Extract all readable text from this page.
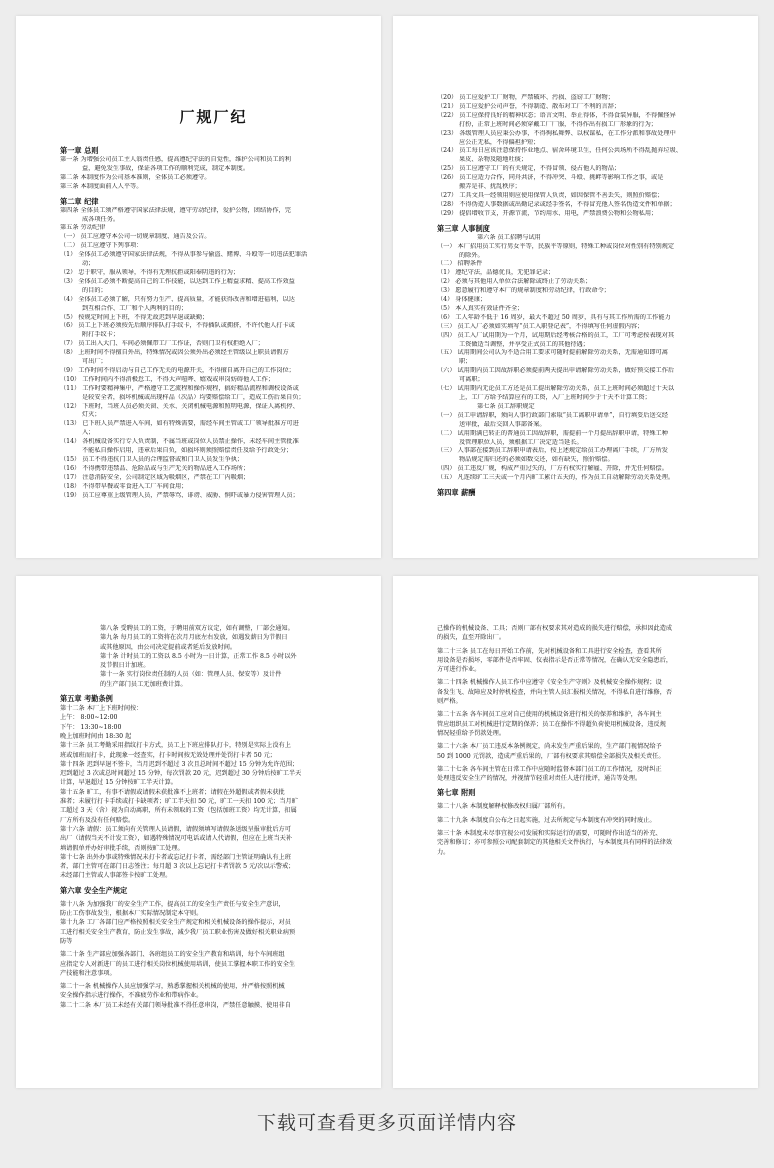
厂规厂纪
第一章 总则
第一条 为增强公司员工主人翁责任感，提高遵纪守法的自觉性，维护公司和员工的利
益，避免发生事故，保证各项工作的顺利完成，制定本制度。
第二条 本制度作为公司基本准则，全体员工必须遵守。
第三条 本制度面前人人平等。
第二章 纪律
第四条 全体员工须严格遵守国家法律法规，遵守劳动纪律，爱护公物，团结协作，完
成各项任务。
第五条 劳动纪律
（一） 员工应遵守本公司一切规章制度、通告及公告。
（二） 员工应遵守下列事项：
（1） 全体员工必须遵守国家法律法规，不得从事参与偷盗、赌博、斗殴等一切违法犯罪活
动；
（2） 忠于职守，服从领导，不得有无理抗拒或阳奉阴违的行为；
（3） 全体员工必须不断提高自己的工作技能，以达到工作上精益求精、提高工作效益
的目的；
（4） 全体员工必须了解，只有努力生产、提高质量，才能获得改善和增进福利，以达
到互相合作、工厂和个人两利的目的；
（5） 按规定时间上下班，不得无故迟到早退或缺勤；
（6） 员工上下班必须按先后顺序排队打手纹卡，不得插队或拥挤，不许代他人打卡或
附打手纹卡；
（7） 员工出入大门、车间必须佩带工厂工作证，否则门卫有权拒绝入厂；
（8） 上班时间不得擅自外出，特殊情况或因公须外出必须经主管级以上职员请假方
可出厂；
（9） 工作时间不得启动与自己工作无关的电源开关，不得擅自离开自己的工作岗位；
（10） 工作时间内不得消极怠工，不得大声喧哗、嬉戏或串岗妨碍他人工作；
（11） 工作时要精神集中，严格遵守工艺流程和操作规程，搞好精品流程和调校设备或
是较安全者，损坏机械或出现样品（次品）均要赔偿给工厂，造成工伤后果自负；
（12） 下班时，当班人员必须关窗、关水、关闭机械电源和照明电源，保证人离机停、
灯灭；
（13） 已下班人员严禁进入车间，如有特殊需要，需经车间主管或工厂领导批准方可进
入；
（14） 各机械设备实行专人负责制，不属当班或岗位人员禁止操作，未经车间主管批准
不能私自操作启用，违章后果自负，如损坏则须照赔偿责任及给予行政处分；
（15） 员工不得违抗门卫人员的合理监督或和门卫人员发生争执；
（16） 不得携带违禁品、危险品或与生产无关的物品进入工作场所；
（17） 注意消防安全，公司制定区域为吸烟区，严禁在工厂内吸烟；
（18） 不得带早餐或零食进入工厂车间食用；
（19） 员工应尊重上级管理人员，严禁辱骂、诽谤、威胁、恫吓或暴力侵害管理人员；
（20） 员工应爱护工厂财物，严禁破坏、污损、盗窃工厂财物；
（21） 员工应爱护公司声誉，不得制造、散布对工厂不利的言辞；
（22） 员工应保持良好的精神状态；语言文明、举止得体，不得食装异服，不得佩怪异
打扮，正常上班时间必须穿戴工厂厂服，不得作出有损工厂形象的行为；
（23） 各级管理人员应秉公办事，不得徇私舞弊、以权谋私，在工作分派和事故处理中
应公正无私，不得偏袒护短；
（24） 员工每日应该注意保持作业地点、宿舍环境卫生，任何公共场所不得乱抛弃垃圾、
果皮、杂物及随地吐痰；
（25） 员工应遵守工厂的有关规定，不得冒领、侵占他人的物品；
（26） 员工应适力合作，同舟共济，不得冲突、斗殴、挑衅等影响工作之事，或是
搬弄是非、扰乱秩序；
（27） 工具文具一经领用则应使用保管人负责，如因保管不善丢失，则照价赔偿；
（28） 不得伪造人事数据或出勤记录或经手签名，不得冒充他人签名伪造文件和单据；
（29） 提倡增收节支，开源节流，节约用水、用电，严禁浪费公物和公物私用；
第三章 人事制度
第六条 员工招聘与试用
（一） 本厂招用员工实行男女平等，民族平等原则，特殊工种或岗位对性别有特别规定
的除外。
（二） 招聘条件
（1） 遵纪守法，品德优良，无犯罪记录；
（2） 必须与其他用人单位合法解除或终止了劳动关系；
（3） 愿意履行和遵守本厂的规章制度和劳动纪律，行政命令；
（4） 身体健康；
（5） 本人真实有效证件齐全；
（6） 工人年龄不低于 16 周岁，最大不超过 50 周岁，具有与其工作所需的工作能力
（三） 员工入厂必须如实填写“员工入职登记表”，不得填写任何虚假内容；
（四） 员工入厂试用期为一个月，试用期后经考核合格的员工，工厂可考虑按表现对其
工资做适当调整，并享受正式员工的其他待遇；
（五） 试用期间公司认为不适合用工要求可随时提前解除劳动关系，无需通知即可离
职；
（六） 试用期内员工因故辞职必须提前两天提出申请解除劳动关系，做好预交接工作后
可离职；
（七） 试用期内无论员工方还是员工提出解除劳动关系，员工上班时间必须超过十天以
上，工厂方给予结算应有的工资，入厂上班时间少于十天不计算工资；
第七条 员工辞职规定
（一） 员工申请辞职，须向人事行政部门索取“员工离职申请单”，自行填妥后送交经
送审批，最后交回人事部备案。
（二） 试用期满已转正的普通员工因故辞职，需提前一个月提出辞职申请，特殊工种
及管理职位人员，须根据工厂决定适当延长。
（三） 人事部在接到员工辞职申请表后，按上述规定给员工办理离厂手续，厂方所发
物品规定需归还的必须如数交还，如有缺失，照价赔偿。
（四） 员工违反厂规，构成严重过失的，厂方有权实行解雇、开除，并无任何赔偿。
（五） 凡连续旷工三天或一个月内旷工累计五天的，作为员工自动解除劳动关系处理。
第四章 薪酬
第八条 受聘员工的工资，于聘用前双方议定，如有调整，厂部会通知。
第九条 每月员工的工资将在次月月底左右发放，如遇发薪日为节假日
或其他原因，由公司决定提前或者延后发放时间。
第十条 计时员工的工资以 8.5 小时为一日计算，正常工作 8.5 小时以外
及节假日计加班。
第十一条 实行岗位责任制的人员（如：管理人员、保安等）及计件
的生产部门员工无加班费计算。
第五章 考勤条例
第十二条 本厂上下班时间按：
上午： 8:00~12:00
下午： 13:30~18:00
晚上加班时间由 18:30 起
第十三条 员工考勤采用指纹打卡方式，员工上下班应排队打卡，特别是实际上没有上
班或加班而打卡，此现象一经查实，打卡时间按无效处理并处罚打卡者 50 元；
第十四条 迟到早退不签卡，当月迟到不超过 3 次且总时间不超过 15 分钟为允许范围；
迟到超过 3 次或总时间超过 15 分钟，每次罚款 20 元，迟到超过 30 分钟后按旷工半天
计算，早退超过 15 分钟按旷工半天计算。
第十五条 旷工，有事不请假或请假未获批准不上班者；请假在外超假或者假未获批
准者；未履行打卡手续或打卡缺项者；旷工半天扣 50 元，旷工一天扣 100 元；当月旷
工超过 3 天（含）视为自动离职，所有未领取的工资（包括加班工资）均无计算，扣属
厂方所有及没有任何赔偿。
第十六条 请假：员工须向有关管理人员请假，请假须填写请假条送级呈报审批后方可
出厂（请假当天不计发工资），如遇特殊情况可电话或请人代请假，但应在上班当天补
填请假单并办好审批手续，否则按旷工处理。
第十七条 出外办事或特殊情况未打卡者或忘记打卡者，需经部门主管证明确认有上班
者，部门主管可在部门日志签注；每月超 3 次以上忘记打卡者罚款 5 元/次以示警戒；
未经部门主管或人事部签卡按旷工处理。
第六章 安全生产规定
第十八条 为加强我厂的安全生产工作，提高员工的安全生产责任与安全生产意识，
防止工伤事故发生，根据本厂实际情况制定本守则。
第十九条 工厂各部门应严格按照相关安全生产规定和相关机械设备的操作提示，对员
工进行相关安全生产教育，防止发生事故，减少我厂员工职业伤害及做好相关职业病预
防等
第二十条 生产部应加强各部门、各班组员工的安全生产教育和培训，每个车间班组
应指定专人对新进厂的员工进行相关岗位机械使用培训，使员工掌握本职工作的安全生
产技能和注意事项。
第二十一条 机械操作人员应加强学习，熟悉掌握相关机械的使用，并严格按照机械
安全操作指示进行操作，不准疲劳作业和带病作业。
第二十二条 本厂员工未经有关部门领导批准不得任意串岗，严禁任意触摸、使用非自
己操作的机械设备、工具；否则厂部有权要求其对造成的损失进行赔偿，承担因此造成
的损失，直至开除出厂。
第二十三条 员工在每日开始工作前，先对机械设备和工具进行安全检查，查看其所
用设备是否损坏，零部件是否牢固、仪表指示是否正常等情况，在确认无安全隐患后，
方可进行作业。
第二十四条 机械操作人员工作中应遵守《安全生产守则》及机械安全操作规程；设
备发生飞、故障应及时停机检查，并向主管人员汇报相关情况，不得私自进行维修，否
则严格。
第二十五条 各车间员工应对自己使用的机械设备进行相关的保养和维护，各车间主
管应组织员工对机械进行定期的保养；员工在操作不得超负荷使用机械设备，违反规
情况轻重给予罚款处理。
第二十六条 本厂员工违反本条例规定，尚未发生严重后果的，生产部门视情况给予
50 到 1000 元罚款，造成严重后果的，厂部有权要求其赔偿全部损失及相关责任。
第二十七条 各车间主管在日常工作中应随时监督本部门员工的工作情况，及时纠正
处理违反安全生产的情况，并视情节轻重对责任人进行批评，通告等处理。
第七章 附则
第二十八条 本制度解释权修改权归属厂部所有。
第二十九条 本制度自公布之日起实施，过去所规定与本制度有冲突的同时废止。
第三十条 本制度未尽事宜视公司发展和实际运行的需要，可随时作出适当的补充、
完善和修订；亦可参照公司配套制定的其他相关文件执行，与本制度具有同样的法律效
力。
下载可查看更多页面详情内容
